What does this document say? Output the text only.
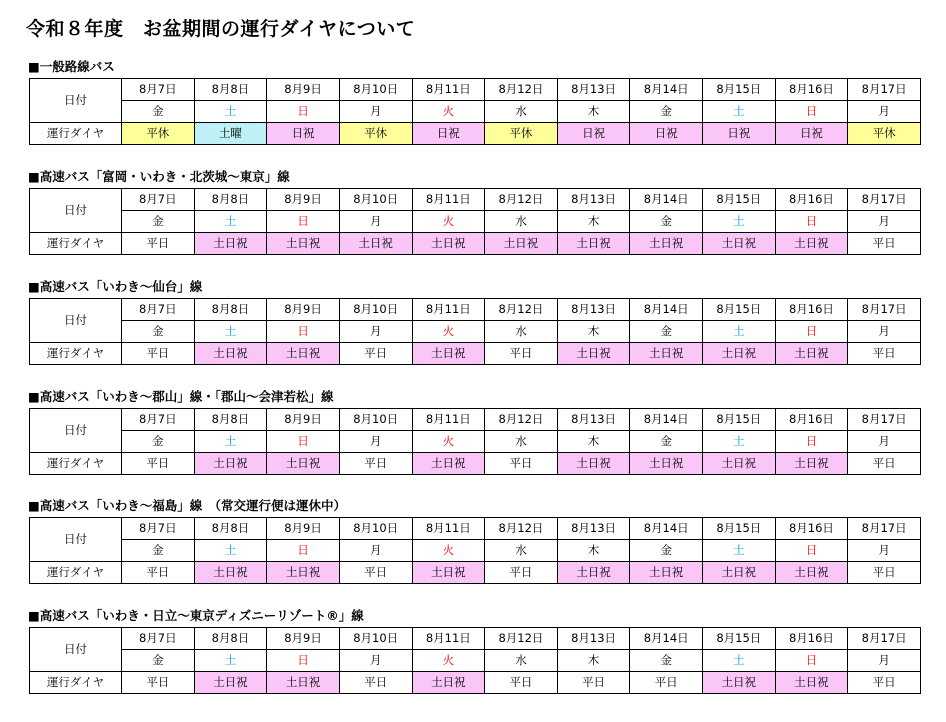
令和８年度　お盆期間の運行ダイヤについて
■一般路線バス
日付	8月7日	8月8日	8月9日	8月10日	8月11日	8月12日	8月13日	8月14日	8月15日	8月16日	8月17日
	金	土	日	月	火	水	木	金	土	日	月
運行ダイヤ	平休	土曜	日祝	平休	日祝	平休	日祝	日祝	日祝	日祝	平休
■高速バス「富岡・いわき・北茨城～東京」線
日付	8月7日	8月8日	8月9日	8月10日	8月11日	8月12日	8月13日	8月14日	8月15日	8月16日	8月17日
	金	土	日	月	火	水	木	金	土	日	月
運行ダイヤ	平日	土日祝	土日祝	土日祝	土日祝	土日祝	土日祝	土日祝	土日祝	土日祝	平日
■高速バス「いわき～仙台」線
日付	8月7日	8月8日	8月9日	8月10日	8月11日	8月12日	8月13日	8月14日	8月15日	8月16日	8月17日
	金	土	日	月	火	水	木	金	土	日	月
運行ダイヤ	平日	土日祝	土日祝	平日	土日祝	平日	土日祝	土日祝	土日祝	土日祝	平日
■高速バス「いわき～郡山」線・「郡山～会津若松」線
日付	8月7日	8月8日	8月9日	8月10日	8月11日	8月12日	8月13日	8月14日	8月15日	8月16日	8月17日
	金	土	日	月	火	水	木	金	土	日	月
運行ダイヤ	平日	土日祝	土日祝	平日	土日祝	平日	土日祝	土日祝	土日祝	土日祝	平日
■高速バス「いわき～福島」線　（常交運行便は運休中）
日付	8月7日	8月8日	8月9日	8月10日	8月11日	8月12日	8月13日	8月14日	8月15日	8月16日	8月17日
	金	土	日	月	火	水	木	金	土	日	月
運行ダイヤ	平日	土日祝	土日祝	平日	土日祝	平日	土日祝	土日祝	土日祝	土日祝	平日
■高速バス「いわき・日立～東京ディズニーリゾート®」線
日付	8月7日	8月8日	8月9日	8月10日	8月11日	8月12日	8月13日	8月14日	8月15日	8月16日	8月17日
	金	土	日	月	火	水	木	金	土	日	月
運行ダイヤ	平日	土日祝	土日祝	平日	土日祝	平日	平日	平日	土日祝	土日祝	平日
